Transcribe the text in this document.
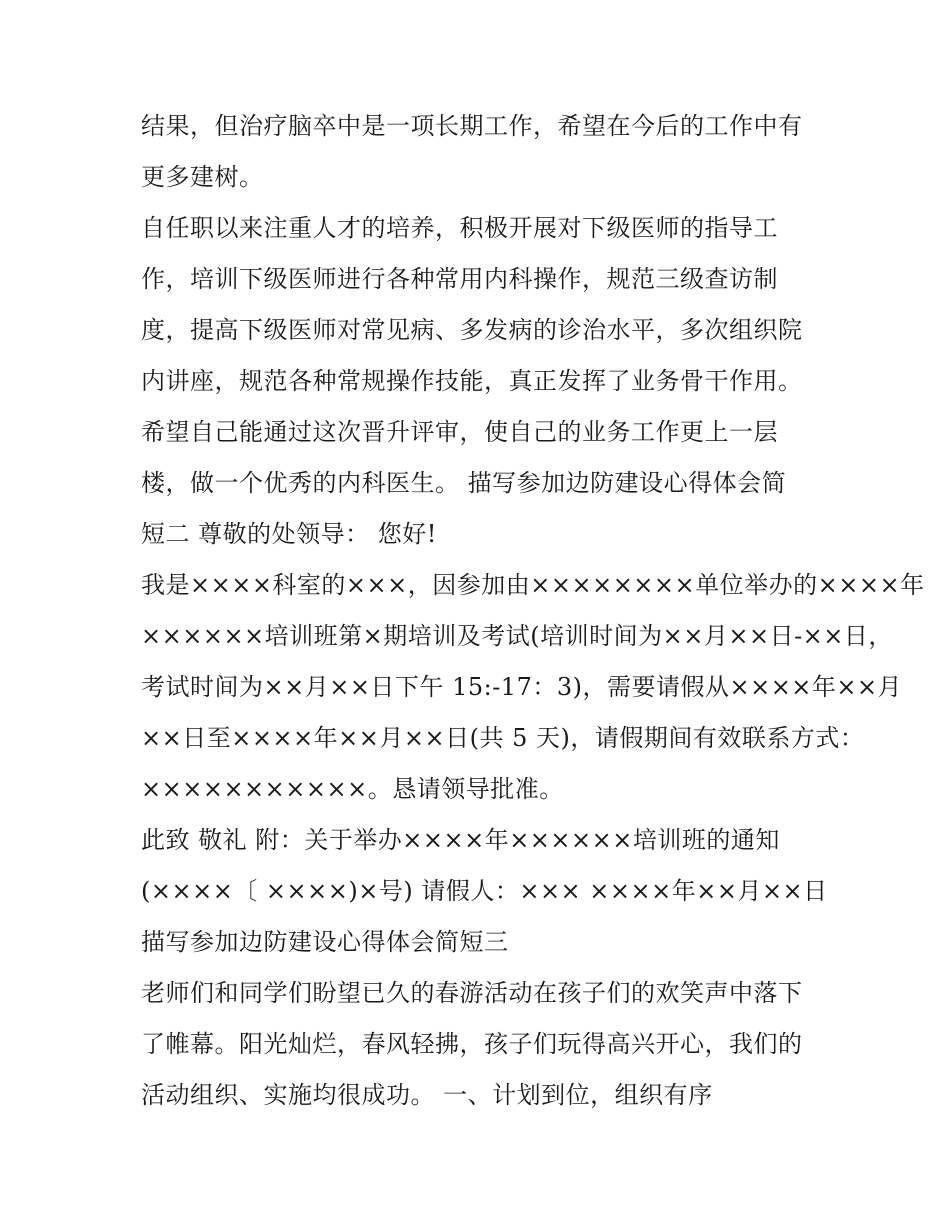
结果，但治疗脑卒中是一项长期工作，希望在今后的工作中有
更多建树。
自任职以来注重人才的培养，积极开展对下级医师的指导工
作，培训下级医师进行各种常用内科操作，规范三级查访制
度，提高下级医师对常见病、多发病的诊治水平，多次组织院
内讲座，规范各种常规操作技能，真正发挥了业务骨干作用。
希望自己能通过这次晋升评审，使自己的业务工作更上一层
楼，做一个优秀的内科医生。 描写参加边防建设心得体会简
短二 尊敬的处领导： 您好!
我是××××科室的×××，因参加由××××××××单位举办的××××年
××××××培训班第×期培训及考试(培训时间为××月××日-××日，
考试时间为××月××日下午 15:-17：3)，需要请假从××××年××月
××日至××××年××月××日(共 5 天)，请假期间有效联系方式：
×××××××××××。恳请领导批准。
此致 敬礼 附：关于举办××××年××××××培训班的通知
(××××〔 ××××)×号) 请假人：××× ××××年××月××日
描写参加边防建设心得体会简短三
老师们和同学们盼望已久的春游活动在孩子们的欢笑声中落下
了帷幕。阳光灿烂，春风轻拂，孩子们玩得高兴开心，我们的
活动组织、实施均很成功。 一、计划到位，组织有序
